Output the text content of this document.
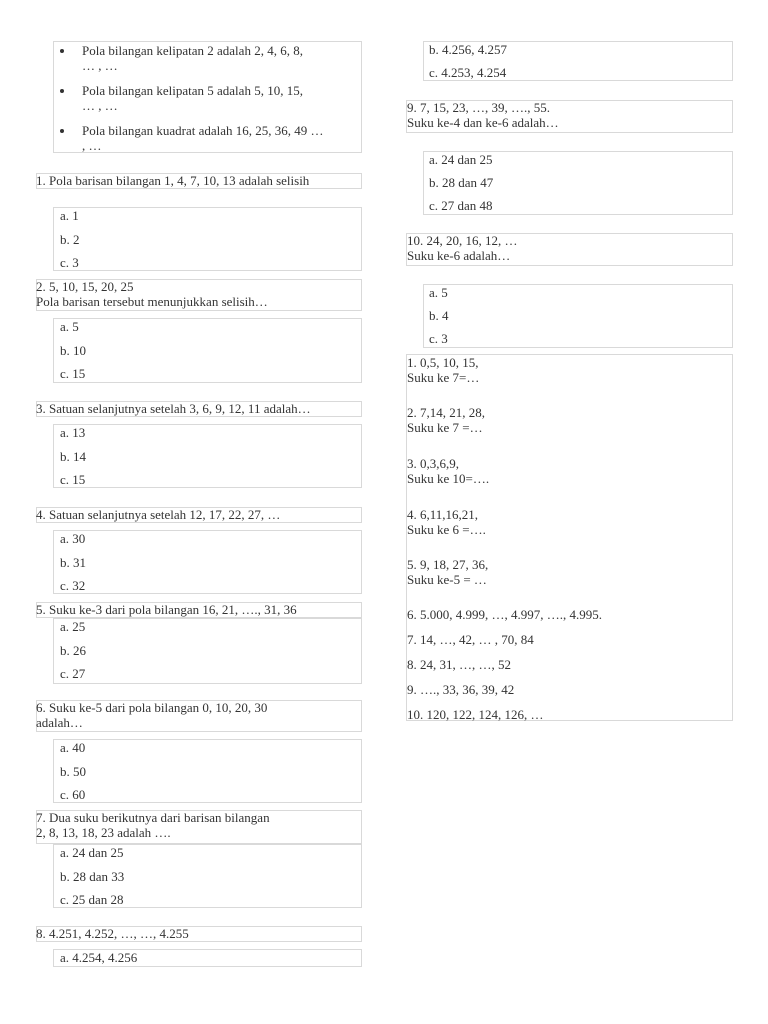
Pola bilangan kelipatan 2 adalah 2, 4, 6, 8,
… , …
Pola bilangan kelipatan 5 adalah 5, 10, 15,
… , …
Pola bilangan kuadrat adalah 16, 25, 36, 49 …
, …
1. Pola barisan bilangan 1, 4, 7, 10, 13 adalah selisih
a. 1
b. 2
c. 3
2. 5, 10, 15, 20, 25
Pola barisan tersebut menunjukkan selisih…
a. 5
b. 10
c. 15
3. Satuan selanjutnya setelah 3, 6, 9, 12, 11 adalah…
a. 13
b. 14
c. 15
4. Satuan selanjutnya setelah 12, 17, 22, 27, …
a. 30
b. 31
c. 32
5. Suku ke-3 dari pola bilangan 16, 21, …., 31, 36
a. 25
b. 26
c. 27
6. Suku ke-5 dari pola bilangan 0, 10, 20, 30
adalah…
a. 40
b. 50
c. 60
7. Dua suku berikutnya dari barisan bilangan
2, 8, 13, 18, 23 adalah ….
a. 24 dan 25
b. 28 dan 33
c. 25 dan 28
8. 4.251, 4.252, …, …, 4.255
a. 4.254, 4.256
b. 4.256, 4.257
c. 4.253, 4.254
9. 7, 15, 23, …, 39, …., 55.
Suku ke-4 dan ke-6 adalah…
a. 24 dan 25
b. 28 dan 47
c. 27 dan 48
10. 24, 20, 16, 12, …
Suku ke-6 adalah…
a. 5
b. 4
c. 3
1. 0,5, 10, 15,
Suku ke 7=…
2. 7,14, 21, 28,
Suku ke 7 =…
3. 0,3,6,9,
Suku ke 10=….
4. 6,11,16,21,
Suku ke 6 =….
5. 9, 18, 27, 36,
Suku ke-5 = …
6. 5.000, 4.999, …, 4.997, …., 4.995.
7. 14, …, 42, … , 70, 84
8. 24, 31, …, …, 52
9. …., 33, 36, 39, 42
10. 120, 122, 124, 126, …
